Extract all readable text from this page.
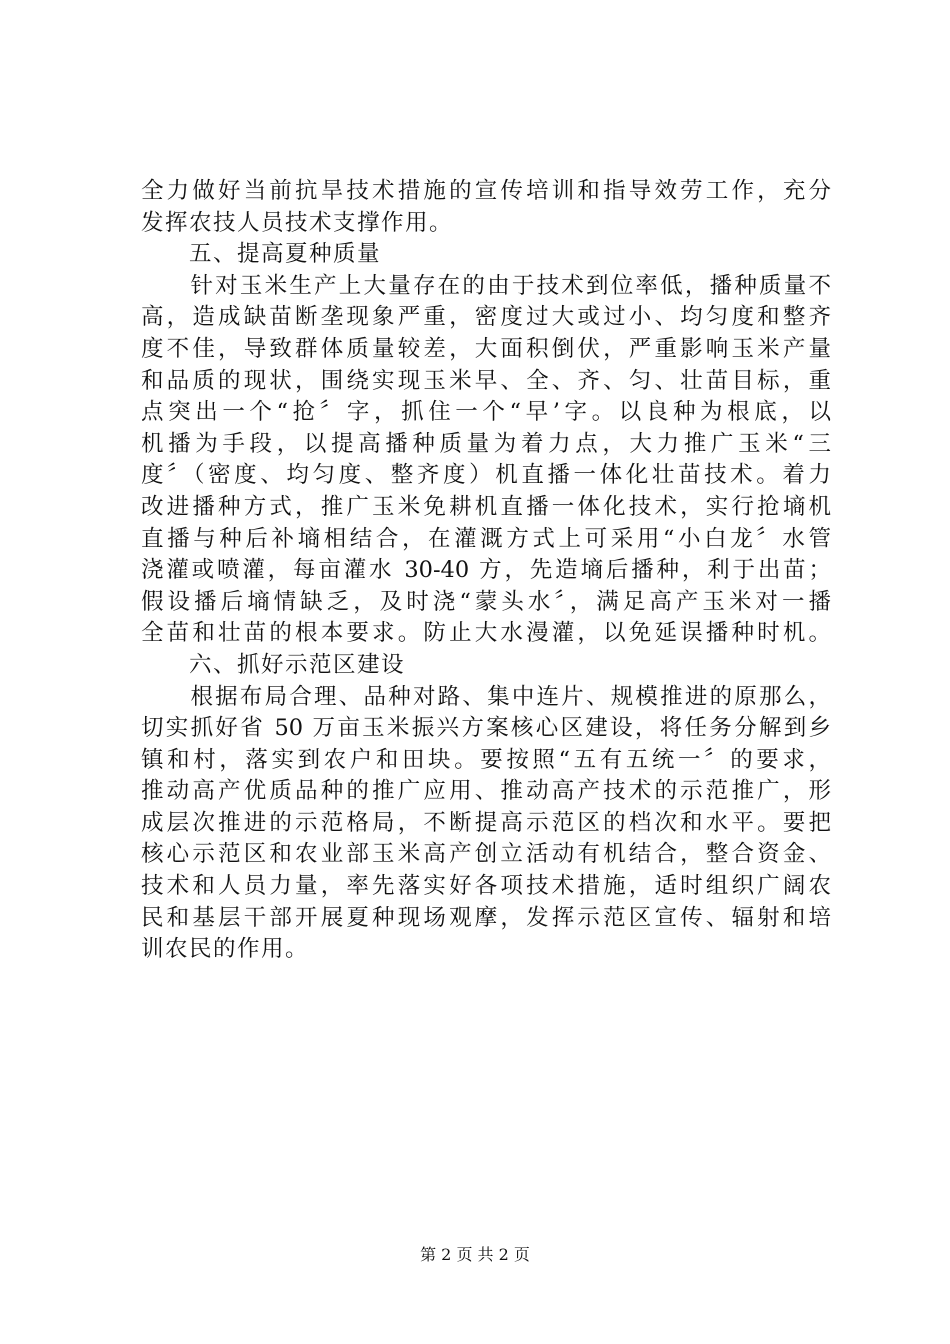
全力做好当前抗旱技术措施的宣传培训和指导效劳工作，充分
发挥农技人员技术支撑作用。
　　五、提高夏种质量
　　针对玉米生产上大量存在的由于技术到位率低，播种质量不
高，造成缺苗断垄现象严重，密度过大或过小、均匀度和整齐
度不佳，导致群体质量较差，大面积倒伏，严重影响玉米产量
和品质的现状，围绕实现玉米早、全、齐、匀、壮苗目标，重
点突出一个“抢〞字，抓住一个“早’字。以良种为根底，以
机播为手段，以提高播种质量为着力点，大力推广玉米“三
度〞（密度、均匀度、整齐度）机直播一体化壮苗技术。着力
改进播种方式，推广玉米免耕机直播一体化技术，实行抢墒机
直播与种后补墒相结合，在灌溉方式上可采用“小白龙〞水管
浇灌或喷灌，每亩灌水 30-40 方，先造墒后播种，利于出苗；
假设播后墒情缺乏，及时浇“蒙头水〞，满足高产玉米对一播
全苗和壮苗的根本要求。防止大水漫灌，以免延误播种时机。
　　六、抓好示范区建设
　　根据布局合理、品种对路、集中连片、规模推进的原那么，
切实抓好省 50 万亩玉米振兴方案核心区建设，将任务分解到乡
镇和村，落实到农户和田块。要按照“五有五统一〞的要求，
推动高产优质品种的推广应用、推动高产技术的示范推广，形
成层次推进的示范格局，不断提高示范区的档次和水平。要把
核心示范区和农业部玉米高产创立活动有机结合，整合资金、
技术和人员力量，率先落实好各项技术措施，适时组织广阔农
民和基层干部开展夏种现场观摩，发挥示范区宣传、辐射和培
训农民的作用。
第 2 页 共 2 页
